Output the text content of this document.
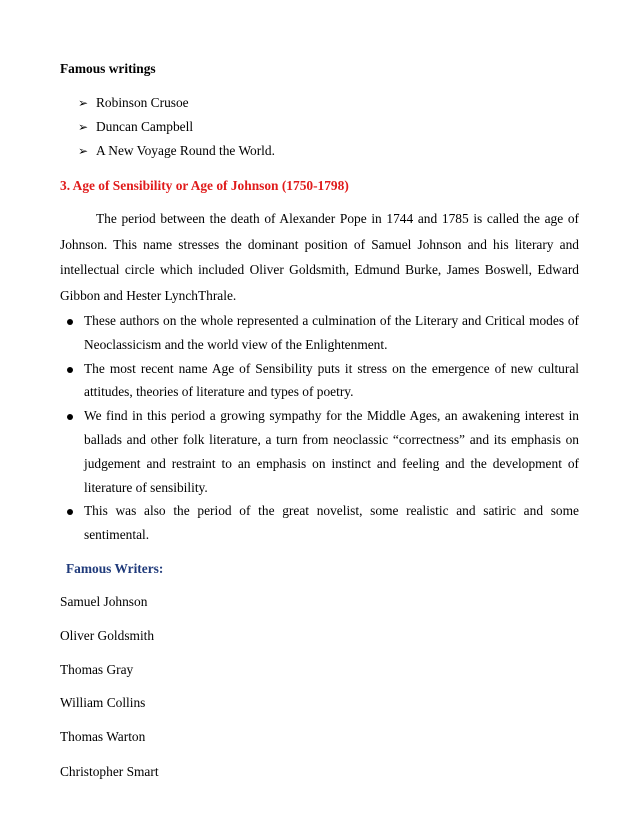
Famous writings
➢ Robinson Crusoe
➢ Duncan Campbell
➢ A New Voyage Round the World.
3. Age of Sensibility or Age of Johnson (1750-1798)
The period between the death of Alexander Pope in 1744 and 1785 is called the age of Johnson. This name stresses the dominant position of Samuel Johnson and his literary and intellectual circle which included Oliver Goldsmith, Edmund Burke, James Boswell, Edward Gibbon and Hester LynchThrale.
These authors on the whole represented a culmination of the Literary and Critical modes of Neoclassicism and the world view of the Enlightenment.
The most recent name Age of Sensibility puts it stress on the emergence of new cultural attitudes, theories of literature and types of poetry.
We find in this period a growing sympathy for the Middle Ages, an awakening interest in ballads and other folk literature, a turn from neoclassic “correctness” and its emphasis on judgement and restraint to an emphasis on instinct and feeling and the development of literature of sensibility.
This was also the period of the great novelist, some realistic and satiric and some sentimental.
Famous Writers:
Samuel Johnson
Oliver Goldsmith
Thomas Gray
William Collins
Thomas Warton
Christopher Smart
